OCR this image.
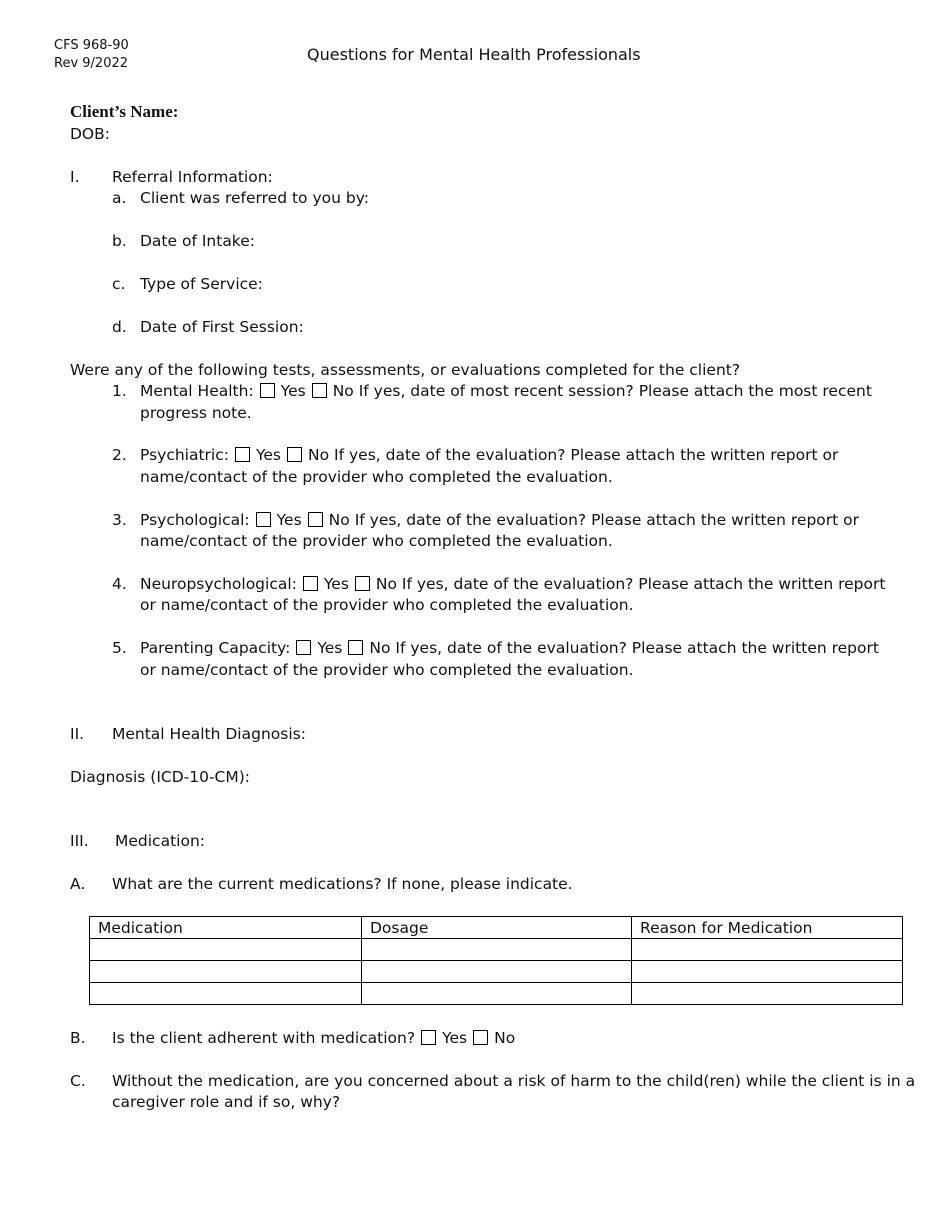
CFS 968-90
Rev 9/2022	Questions for Mental Health Professionals
Client’s Name:
DOB:
I. Referral Information:
a. Client was referred to you by:
b. Date of Intake:
c. Type of Service:
d. Date of First Session:
Were any of the following tests, assessments, or evaluations completed for the client?
1. Mental Health: Yes No If yes, date of most recent session? Please attach the most recent
progress note.
2. Psychiatric: Yes No If yes, date of the evaluation? Please attach the written report or
name/contact of the provider who completed the evaluation.
3. Psychological: Yes No If yes, date of the evaluation? Please attach the written report or
name/contact of the provider who completed the evaluation.
4. Neuropsychological: Yes No If yes, date of the evaluation? Please attach the written report
or name/contact of the provider who completed the evaluation.
5. Parenting Capacity: Yes No If yes, date of the evaluation? Please attach the written report
or name/contact of the provider who completed the evaluation.
II. Mental Health Diagnosis:
Diagnosis (ICD-10-CM):
III. Medication:
A. What are the current medications? If none, please indicate.
Medication	Dosage	Reason for Medication

B. Is the client adherent with medication? Yes No
C. Without the medication, are you concerned about a risk of harm to the child(ren) while the client is in a
caregiver role and if so, why?
